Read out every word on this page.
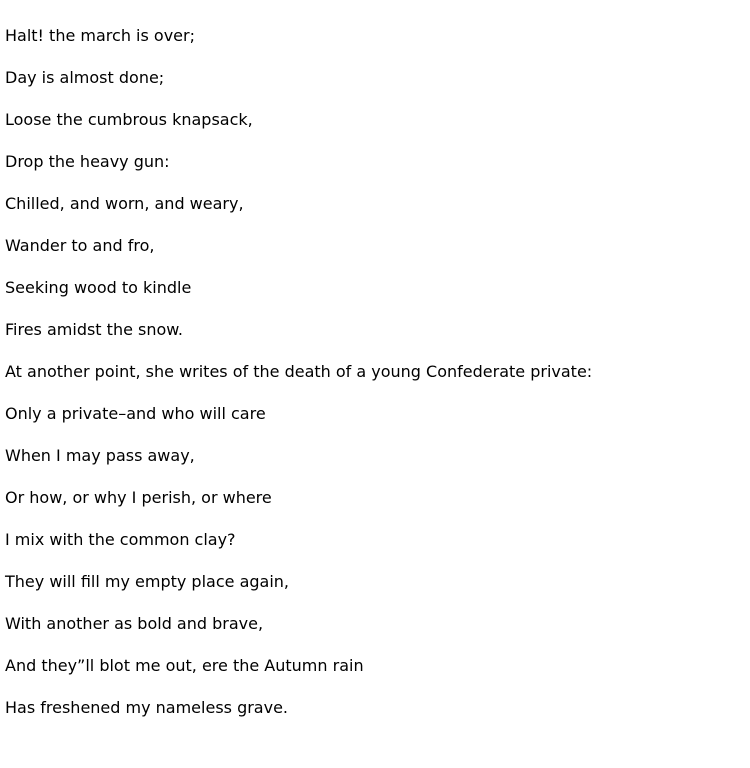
Halt! the march is over;

Day is almost done;

Loose the cumbrous knapsack,

Drop the heavy gun:

Chilled, and worn, and weary,

Wander to and fro,

Seeking wood to kindle

Fires amidst the snow.

At another point, she writes of the death of a young Confederate private:

Only a private–and who will care

When I may pass away,

Or how, or why I perish, or where

I mix with the common clay?

They will fill my empty place again,

With another as bold and brave,

And they”ll blot me out, ere the Autumn rain

Has freshened my nameless grave.
